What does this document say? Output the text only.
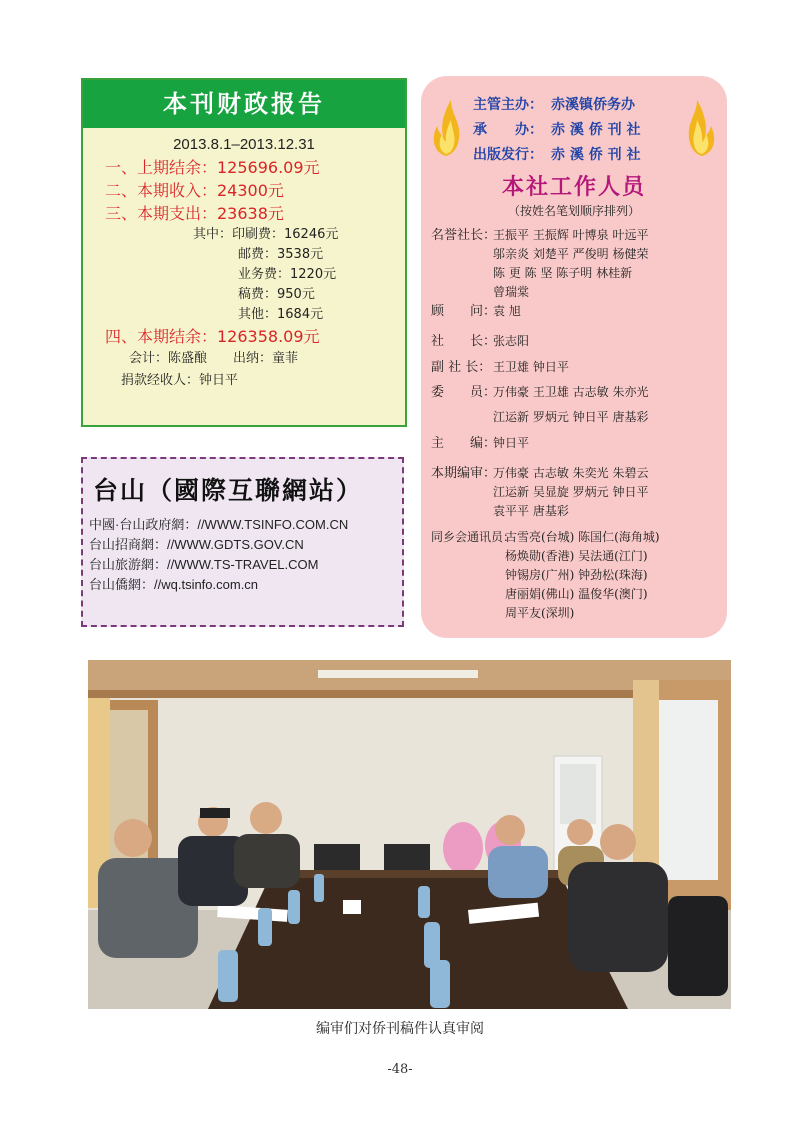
本刊财政报告
2013.8.1–2013.12.31
一、上期结余：125696.09元
二、本期收入：24300元
三、本期支出：23638元
其中：印刷费：16246元
邮费：3538元
业务费：1220元
稿费：950元
其他：1684元
四、本期结余：126358.09元
会计：陈盛酿 出纳：童菲
捐款经收人：钟日平
台山（國際互聯網站）
中國·台山政府網：//WWW.TSINFO.COM.CN
台山招商網：//WWW.GDTS.GOV.CN
台山旅游網：//WWW.TS-TRAVEL.COM
台山僑網：//wq.tsinfo.com.cn
主管主办： 赤溪镇侨务办
承　　办： 赤 溪 侨 刊 社
出版发行： 赤 溪 侨 刊 社
本社工作人员
（按姓名笔划顺序排列）
名誉社长：
王振平 王振辉 叶博泉 叶远平
邬亲炎 刘楚平 严俊明 杨健荣
陈 更 陈 坚 陈子明 林桂新
曾瑞棠
顾　　问：
袁 旭
社　　长：
张志阳
副 社 长： 王卫雄 钟日平
委　　员：
万伟豪 王卫雄 古志敏 朱亦光
江运新 罗炳元 钟日平 唐基彩
主　　编：
钟日平
本期编审：
万伟豪 古志敏 朱奕光 朱碧云
江运新 吴显旋 罗炳元 钟日平
袁平平 唐基彩
同乡会通讯员：
古雪亮(台城) 陈国仁(海角城)
杨焕勋(香港) 吴法通(江门)
钟锡房(广州) 钟劲松(珠海)
唐丽娟(佛山) 温俊华(澳门)
周平友(深圳)
编审们对侨刊稿件认真审阅
-48-
